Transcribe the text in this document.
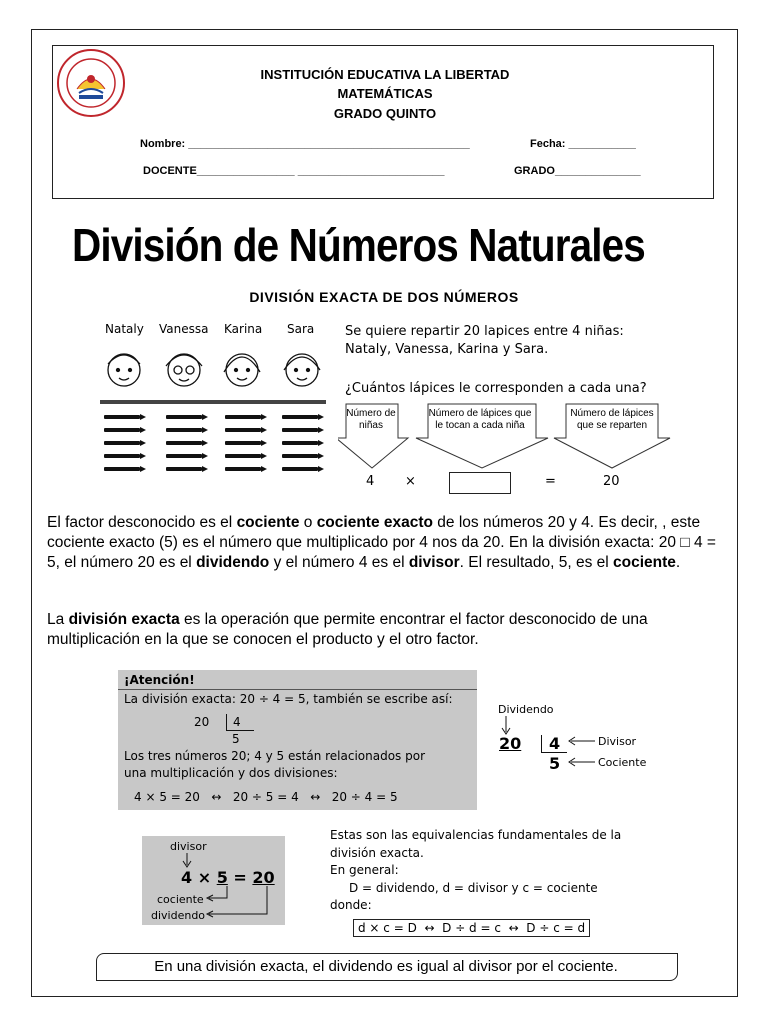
INSTITUCIÓN EDUCATIVA LA LIBERTAD
MATEMÁTICAS
GRADO QUINTO
Nombre: ______________________________________________	Fecha: ___________
DOCENTE________________ ________________________	GRADO______________
División de Números Naturales
DIVISIÓN EXACTA DE DOS NÚMEROS
Nataly Vanessa Karina Sara Se quiere repartir 20 lapices entre 4 niñas:
Nataly, Vanessa, Karina y Sara.
¿Cuántos lápices le corresponden a cada una?
Número de niñas
Número de lápices que le tocan a cada niña
Número de lápices que se reparten
4 ×	=	20
El factor desconocido es el cociente o cociente exacto de los números 20 y 4. Es decir, , este cociente exacto (5) es el número que multiplicado por 4 nos da 20. En la división exacta: 20 □ 4 = 5, el número 20 es el dividendo y el número 4 es el divisor. El resultado, 5, es el cociente.
La división exacta es la operación que permite encontrar el factor desconocido de una multiplicación en la que se conocen el producto y el otro factor.
¡Atención!
La división exacta: 20 ÷ 4 = 5, también se escribe así:
20 4
5
Los tres números 20; 4 y 5 están relacionados por
una multiplicación y dos divisiones:
4 × 5 = 20   ↔   20 ÷ 5 = 4   ↔   20 ÷ 4 = 5
Dividendo
20 4
5
Divisor
Cociente
divisor
4 × 5 = 20
cociente
dividendo
Estas son las equivalencias fundamentales de la
división exacta.
En general:
D = dividendo, d = divisor y c = cociente
donde:
d × c = D  ↔  D ÷ d = c  ↔  D ÷ c = d
En una división exacta, el dividendo es igual al divisor por el cociente.
